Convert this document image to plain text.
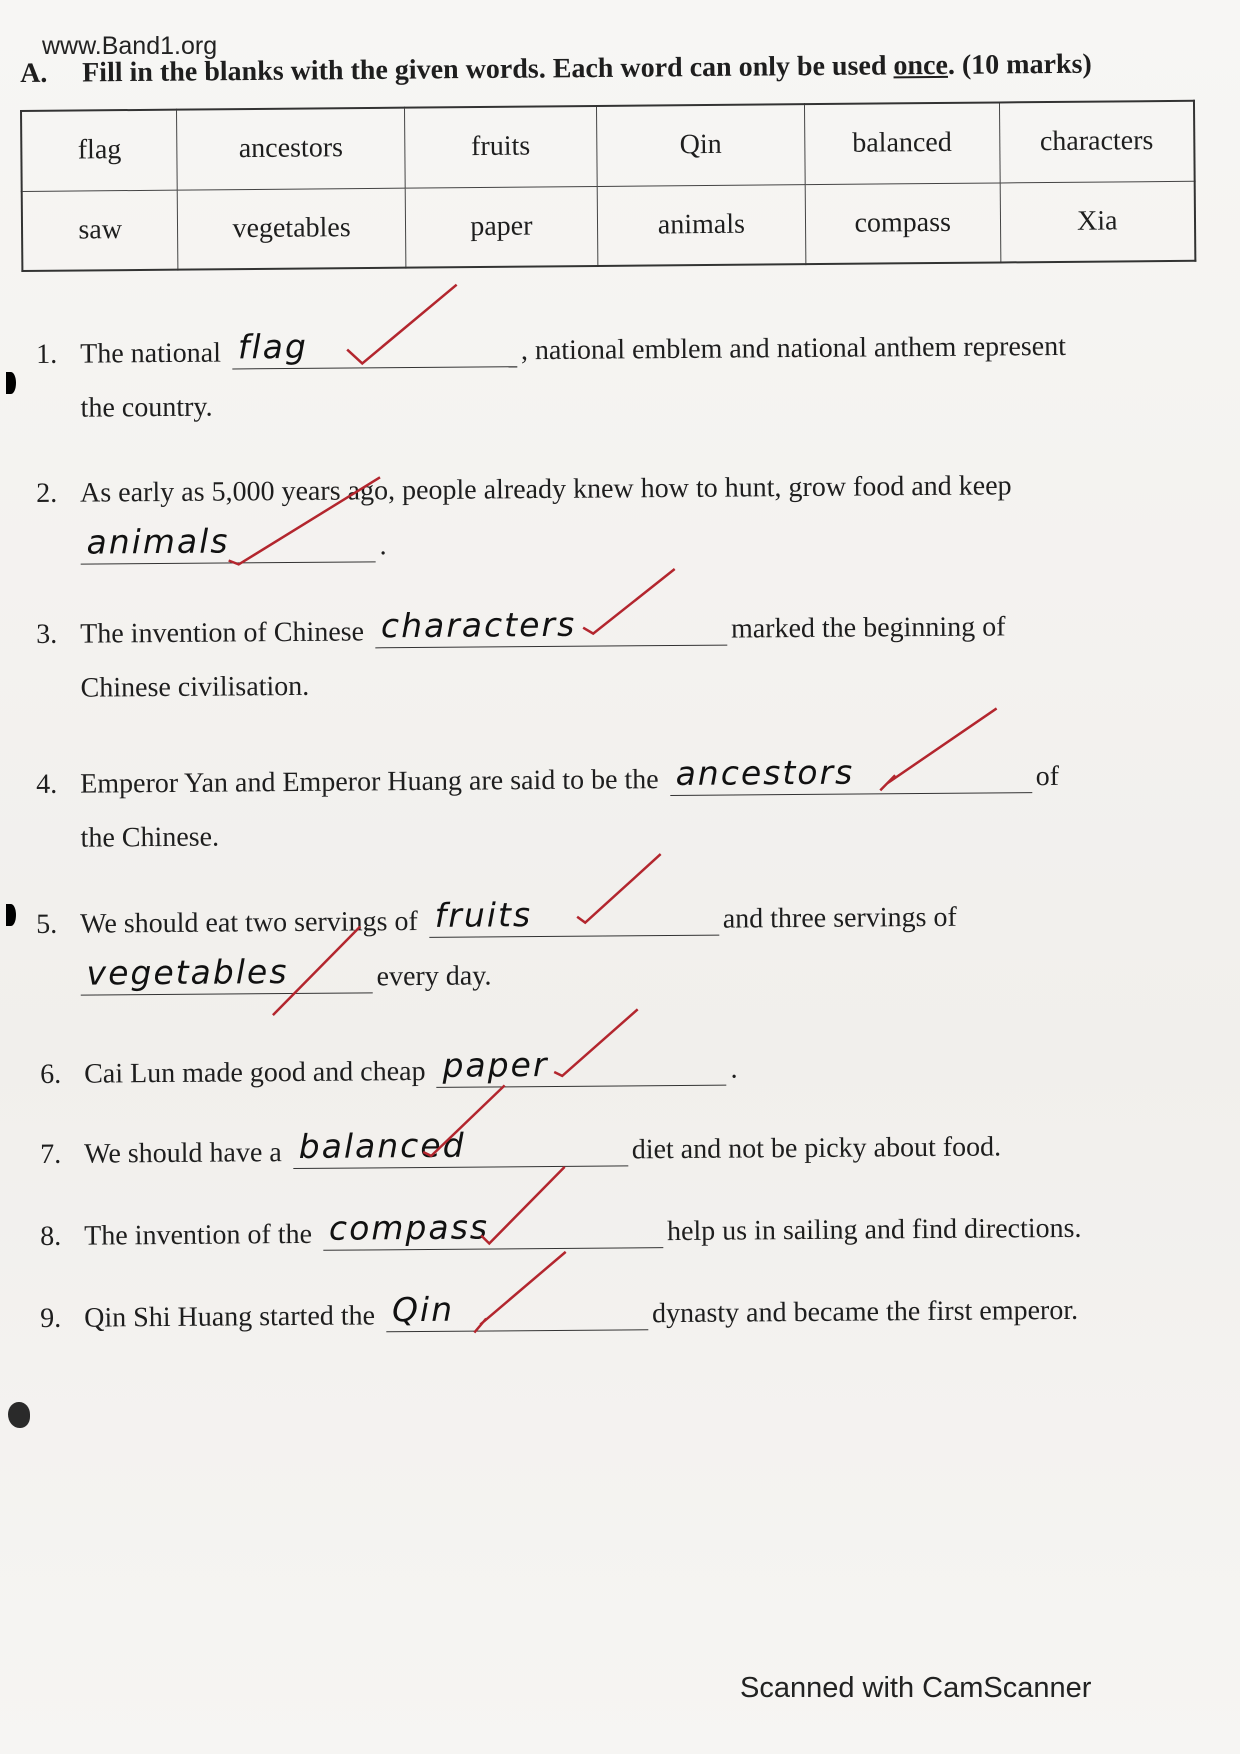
www.Band1.org
A. Fill in the blanks with the given words. Each word can only be used once. (10 marks)
flag	ancestors	fruits	Qin	balanced	characters
saw	vegetables	paper	animals	compass	Xia
1. The national flag	, national emblem and national anthem represent
the country.
2. As early as 5,000 years ago, people already knew how to hunt, grow food and keep
animals	.
3. The invention of Chinese characters	marked the beginning of
Chinese civilisation.
4. Emperor Yan and Emperor Huang are said to be the ancestors	of
the Chinese.
5. We should eat two servings of fruits	and three servings of
vegetables	every day.
6. Cai Lun made good and cheap paper	.
7. We should have a balanced	diet and not be picky about food.
8. The invention of the compass	help us in sailing and find directions.
9. Qin Shi Huang started the Qin	dynasty and became the first emperor.
Scanned with CamScanner
